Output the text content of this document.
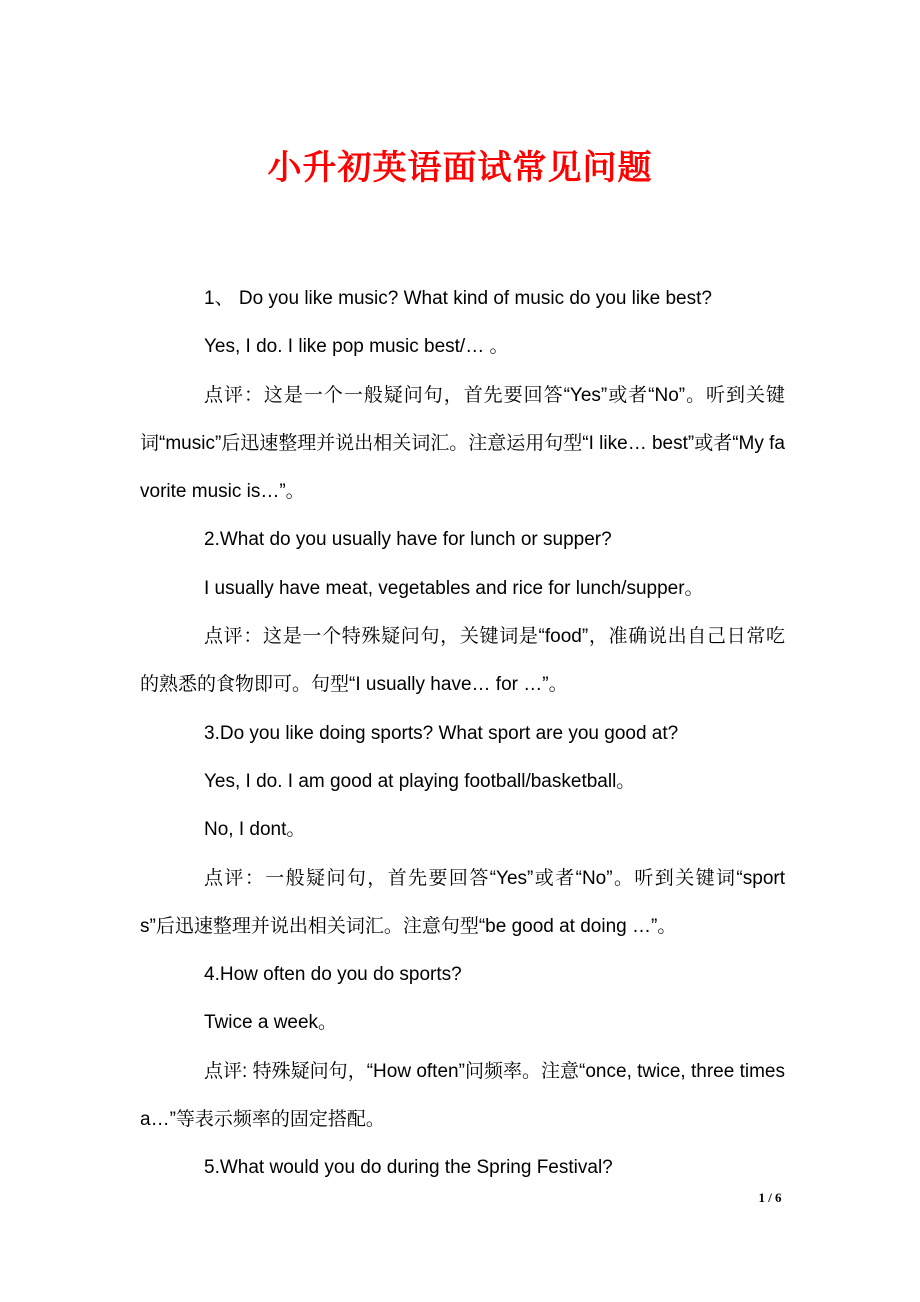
小升初英语面试常见问题

1、 Do you like music? What kind of music do you like best?

Yes, I do. I like pop music best/… 。

点评：这是一个一般疑问句，首先要回答“Yes”或者“No”。听到关键词“music”后迅速整理并说出相关词汇。注意运用句型“I like… best”或者“My favorite music is…”。

2.What do you usually have for lunch or supper?

I usually have meat, vegetables and rice for lunch/supper。

点评：这是一个特殊疑问句，关键词是“food”，准确说出自己日常吃的熟悉的食物即可。句型“I usually have… for …”。

3.Do you like doing sports? What sport are you good at?

Yes, I do. I am good at playing football/basketball。

No, I dont。

点评：一般疑问句，首先要回答“Yes”或者“No”。听到关键词“sports”后迅速整理并说出相关词汇。注意句型“be good at doing …”。

4.How often do you do sports?

Twice a week。

点评: 特殊疑问句，“How often”问频率。注意“once, twice, three times a…”等表示频率的固定搭配。

5.What would you do during the Spring Festival?

1 / 6
